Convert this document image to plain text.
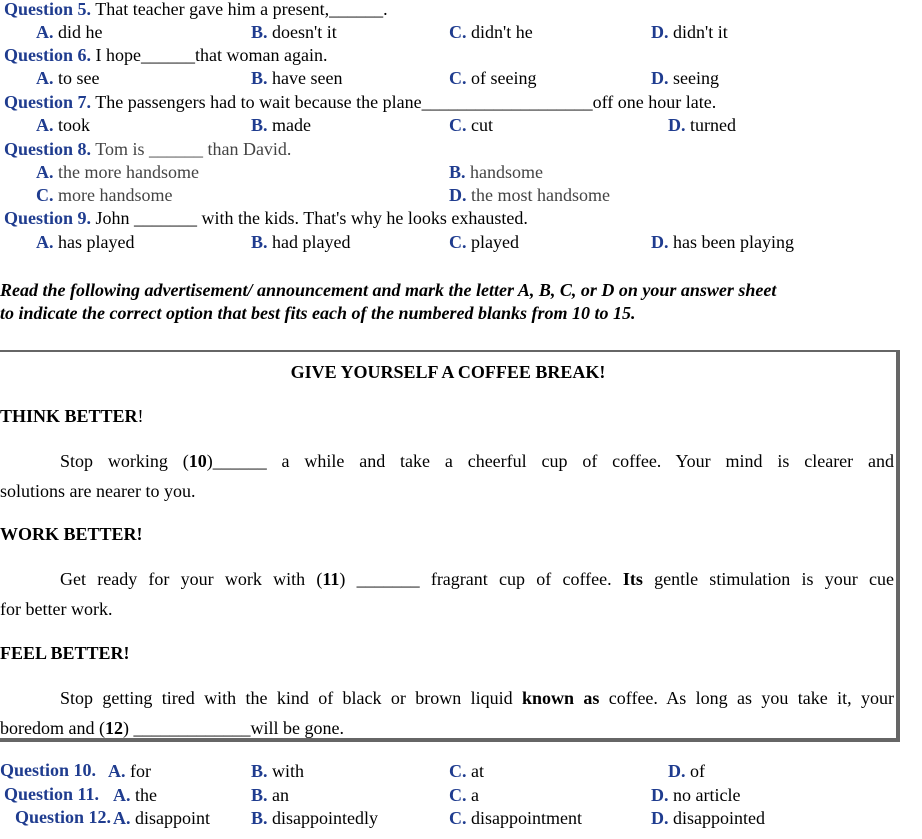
Question 5. That teacher gave him a present,______.
A. did he	B. doesn't it	C. didn't he	D. didn't it
Question 6. I hope______that woman again.
A. to see	B. have seen	C. of seeing	D. seeing
Question 7. The passengers had to wait because the plane___________________off one hour late.
A. took	B. made	C. cut	D. turned
Question 8. Tom is ______ than David.
A. the more handsome	B. handsome
C. more handsome	D. the most handsome
Question 9. John _______ with the kids. That's why he looks exhausted.
A. has played	B. had played	C. played	D. has been playing
Read the following advertisement/ announcement and mark the letter A, B, C, or D on your answer sheet
to indicate the correct option that best fits each of the numbered blanks from 10 to 15.
GIVE YOURSELF A COFFEE BREAK!
THINK BETTER!
Stop working (10)______ a while and take a cheerful cup of coffee. Your mind is clearer and
solutions are nearer to you.
WORK BETTER!
Get ready for your work with (11) _______ fragrant cup of coffee. Its gentle stimulation is your cue
for better work.
FEEL BETTER!
Stop getting tired with the kind of black or brown liquid known as coffee. As long as you take it, your
boredom and (12) _____________will be gone.
Question 10. A. for	B. with	C. at	D. of
Question 11. A. the	B. an	C. a	D. no article
Question 12. A. disappoint B. disappointedly	C. disappointment	D. disappointed
